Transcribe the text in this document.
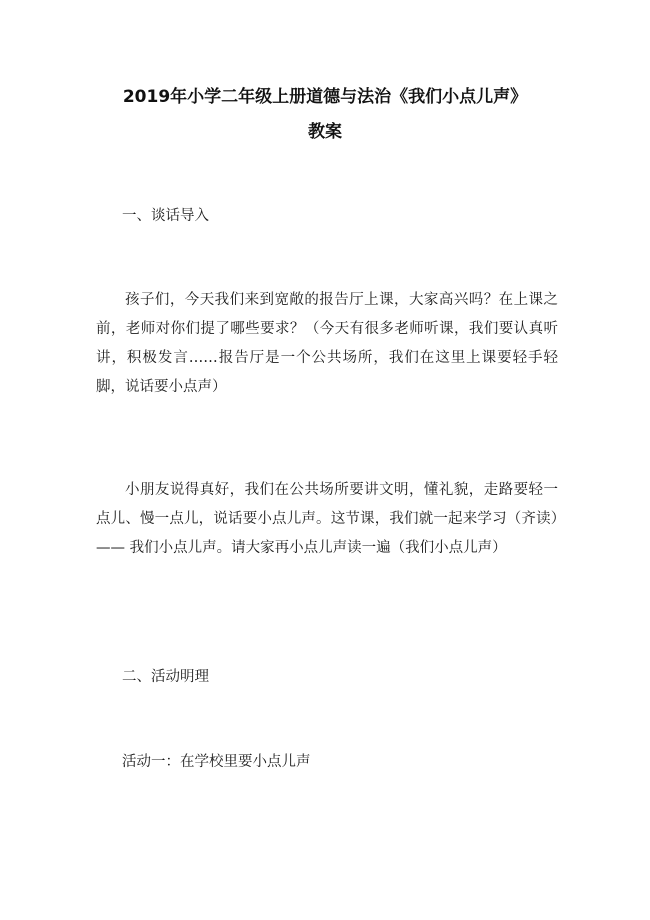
2019年小学二年级上册道德与法治《我们小点儿声》
教案
一、谈话导入
孩子们，今天我们来到宽敞的报告厅上课，大家高兴吗？在上课之前，老师对你们提了哪些要求？（今天有很多老师听课，我们要认真听讲，积极发言……报告厅是一个公共场所，我们在这里上课要轻手轻脚，说话要小点声）
小朋友说得真好，我们在公共场所要讲文明，懂礼貌，走路要轻一点儿、慢一点儿，说话要小点儿声。这节课，我们就一起来学习（齐读）—— 我们小点儿声。请大家再小点儿声读一遍（我们小点儿声）
二、活动明理
活动一：在学校里要小点儿声
